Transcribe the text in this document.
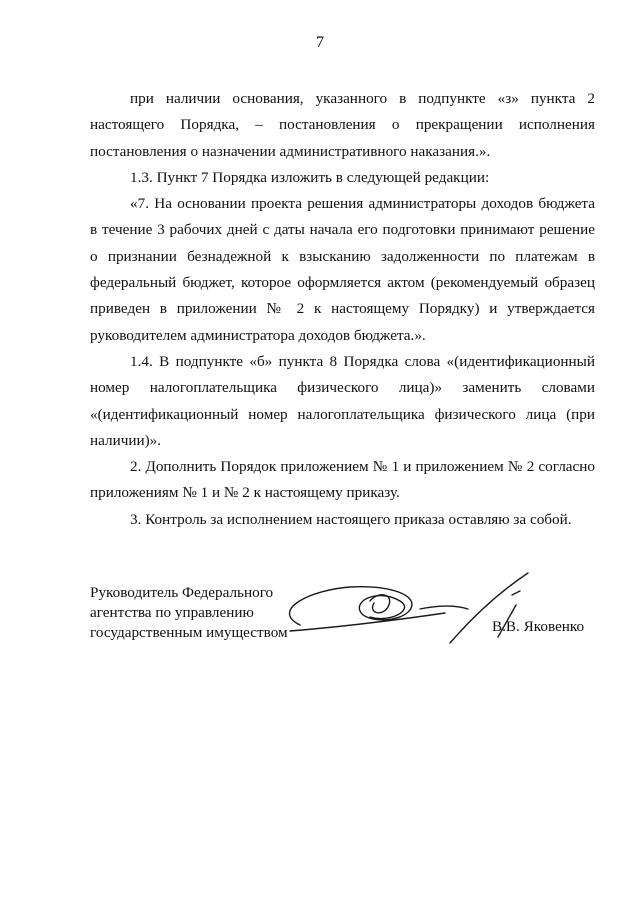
7

при наличии основания, указанного в подпункте «з» пункта 2 настоящего Порядка, – постановления о прекращении исполнения постановления о назначении административного наказания.».

1.3. Пункт 7 Порядка изложить в следующей редакции:

«7. На основании проекта решения администраторы доходов бюджета в течение 3 рабочих дней с даты начала его подготовки принимают решение о признании безнадежной к взысканию задолженности по платежам в федеральный бюджет, которое оформляется актом (рекомендуемый образец приведен в приложении № 2 к настоящему Порядку) и утверждается руководителем администратора доходов бюджета.».

1.4. В подпункте «б» пункта 8 Порядка слова «(идентификационный номер налогоплательщика физического лица)» заменить словами «(идентификационный номер налогоплательщика физического лица (при наличии)».

2. Дополнить Порядок приложением № 1 и приложением № 2 согласно приложениям № 1 и № 2 к настоящему приказу.

3. Контроль за исполнением настоящего приказа оставляю за собой.

Руководитель Федерального
агентства по управлению
государственным имуществом	В.В. Яковенко
